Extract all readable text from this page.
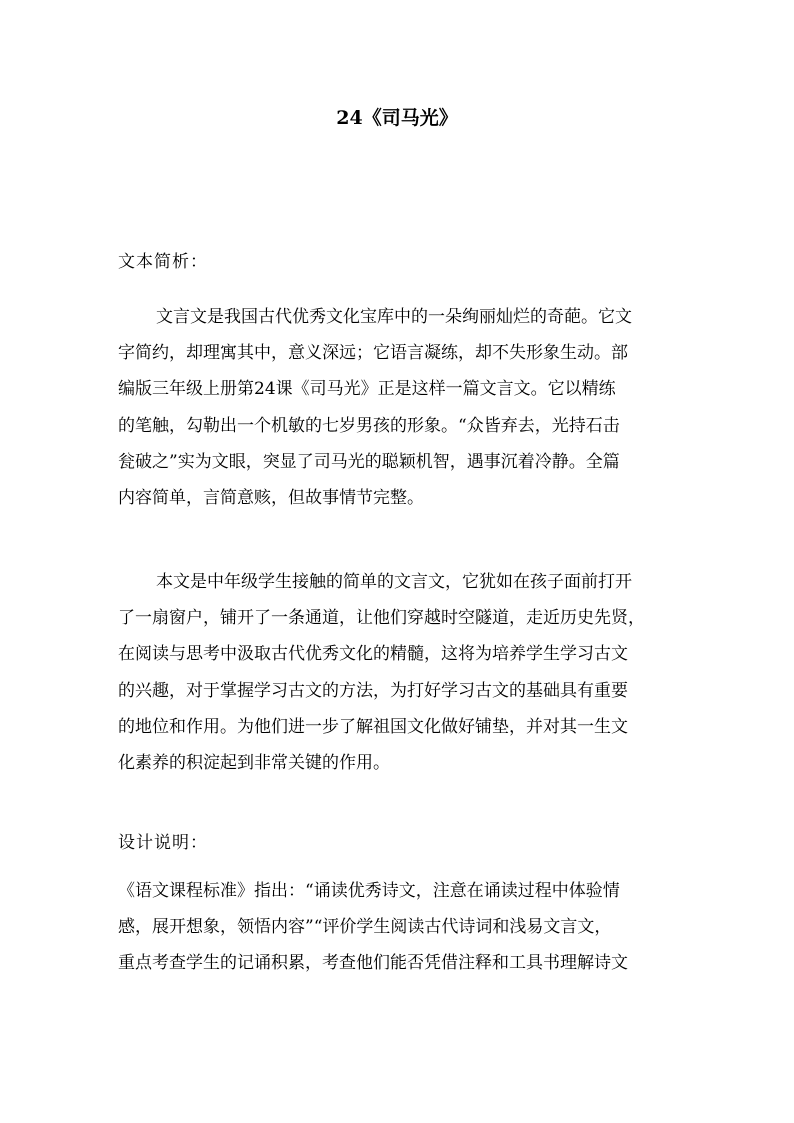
24《司马光》
文本简析：
文言文是我国古代优秀文化宝库中的一朵绚丽灿烂的奇葩。它文
字简约，却理寓其中，意义深远；它语言凝练，却不失形象生动。部
编版三年级上册第24课《司马光》正是这样一篇文言文。它以精练
的笔触，勾勒出一个机敏的七岁男孩的形象。“众皆弃去，光持石击
瓮破之”实为文眼，突显了司马光的聪颖机智，遇事沉着冷静。全篇
内容简单，言简意赅，但故事情节完整。
本文是中年级学生接触的简单的文言文，它犹如在孩子面前打开
了一扇窗户，铺开了一条通道，让他们穿越时空隧道，走近历史先贤，
在阅读与思考中汲取古代优秀文化的精髓，这将为培养学生学习古文
的兴趣，对于掌握学习古文的方法，为打好学习古文的基础具有重要
的地位和作用。为他们进一步了解祖国文化做好铺垫，并对其一生文
化素养的积淀起到非常关键的作用。
设计说明：
《语文课程标准》指出：“诵读优秀诗文，注意在诵读过程中体验情
感，展开想象，领悟内容”“评价学生阅读古代诗词和浅易文言文，
重点考查学生的记诵积累，考查他们能否凭借注释和工具书理解诗文
